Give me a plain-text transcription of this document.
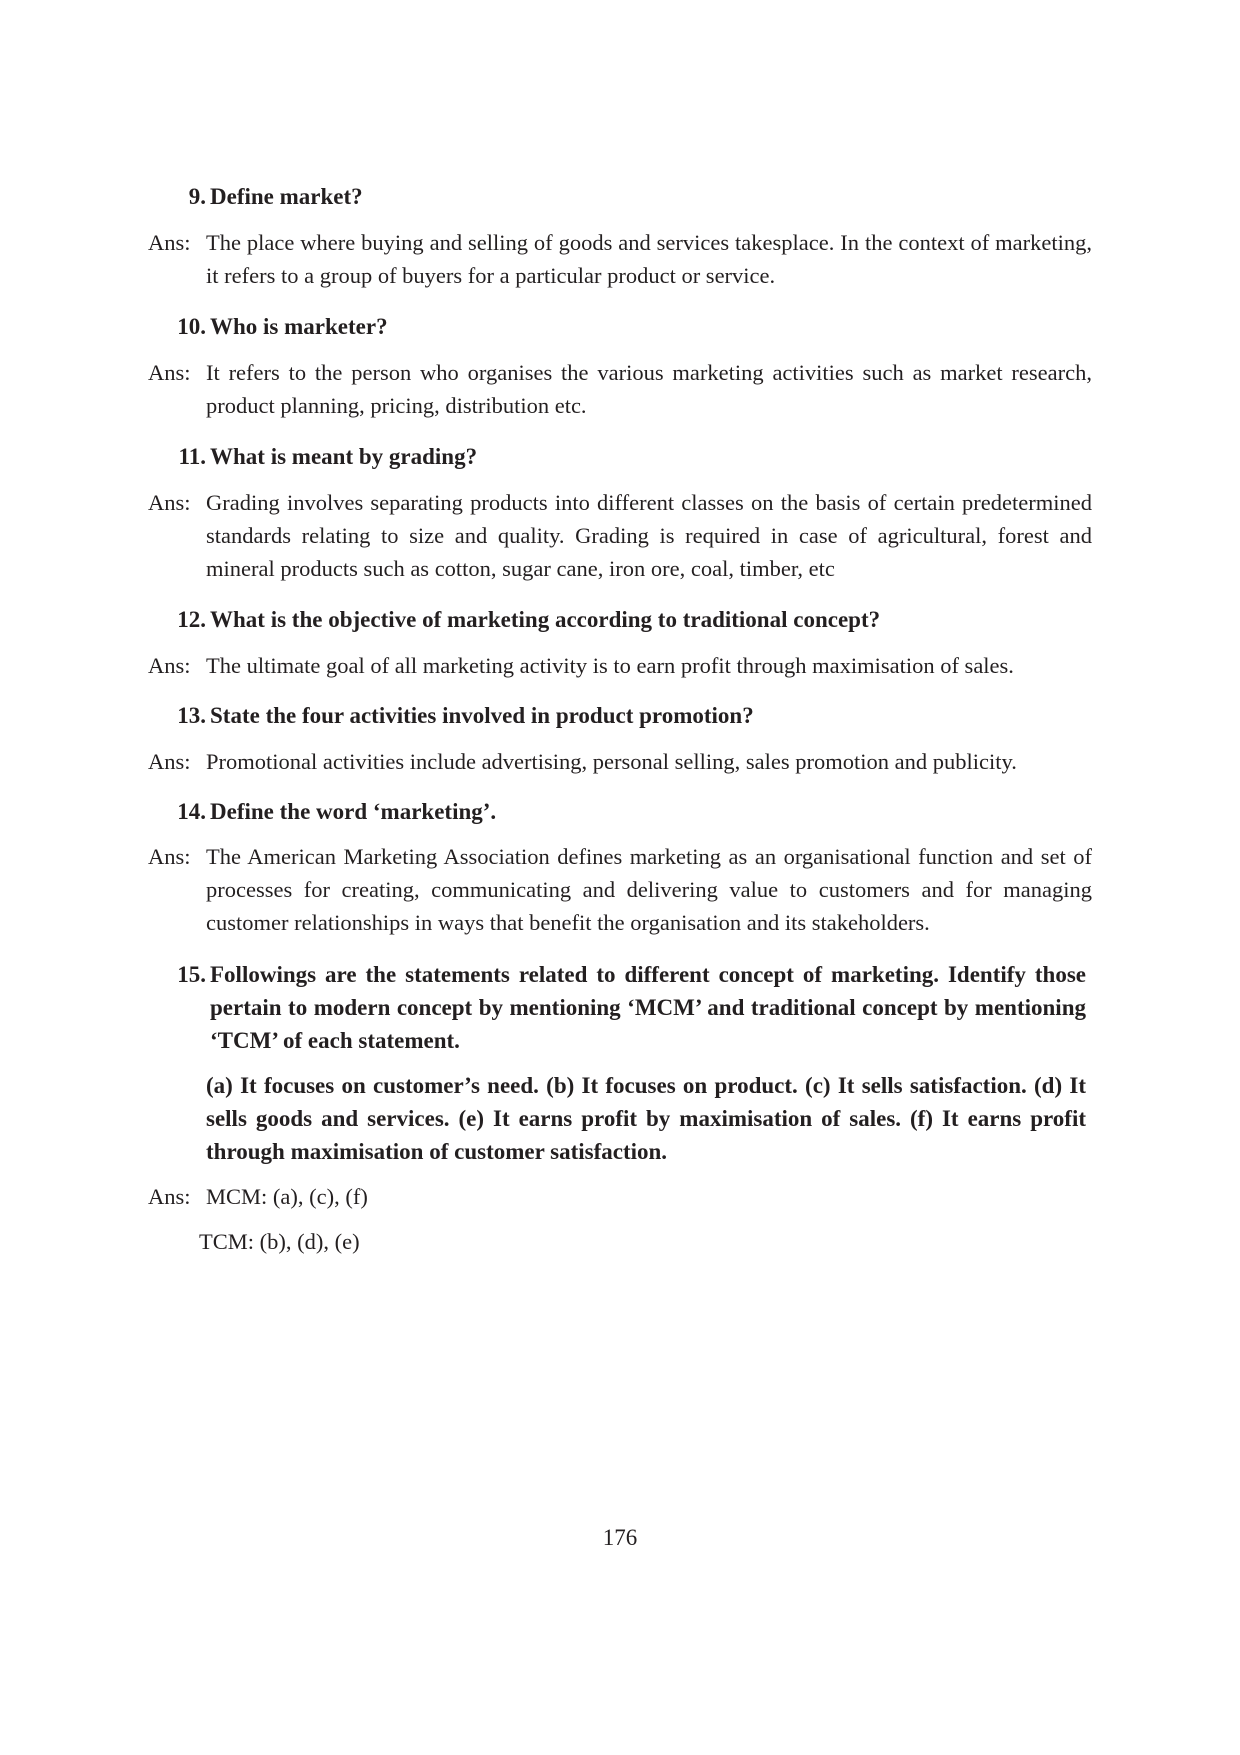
9. Define market?
Ans: The place where buying and selling of goods and services takesplace. In the context of marketing, it refers to a group of buyers for a particular product or service.
10. Who is marketer?
Ans: It refers to the person who organises the various marketing activities such as market research, product planning, pricing, distribution etc.
11. What is meant by grading?
Ans: Grading involves separating products into different classes on the basis of certain predetermined standards relating to size and quality. Grading is required in case of agricultural, forest and mineral products such as cotton, sugar cane, iron ore, coal, timber, etc
12. What is the objective of marketing according to traditional concept?
Ans: The ultimate goal of all marketing activity is to earn profit through maximisation of sales.
13. State the four activities involved in product promotion?
Ans: Promotional activities include advertising, personal selling, sales promotion and publicity.
14. Define the word ‘marketing’.
Ans: The American Marketing Association defines marketing as an organisational function and set of processes for creating, communicating and delivering value to customers and for managing customer relationships in ways that benefit the organisation and its stakeholders.
15. Followings are the statements related to different concept of marketing. Identify those pertain to modern concept by mentioning ‘MCM’ and traditional concept by mentioning ‘TCM’ of each statement.
(a) It focuses on customer’s need. (b) It focuses on product. (c) It sells satisfaction. (d) It sells goods and services. (e) It earns profit by maximisation of sales. (f) It earns profit through maximisation of customer satisfaction.
Ans: MCM: (a), (c), (f)
TCM: (b), (d), (e)
176
